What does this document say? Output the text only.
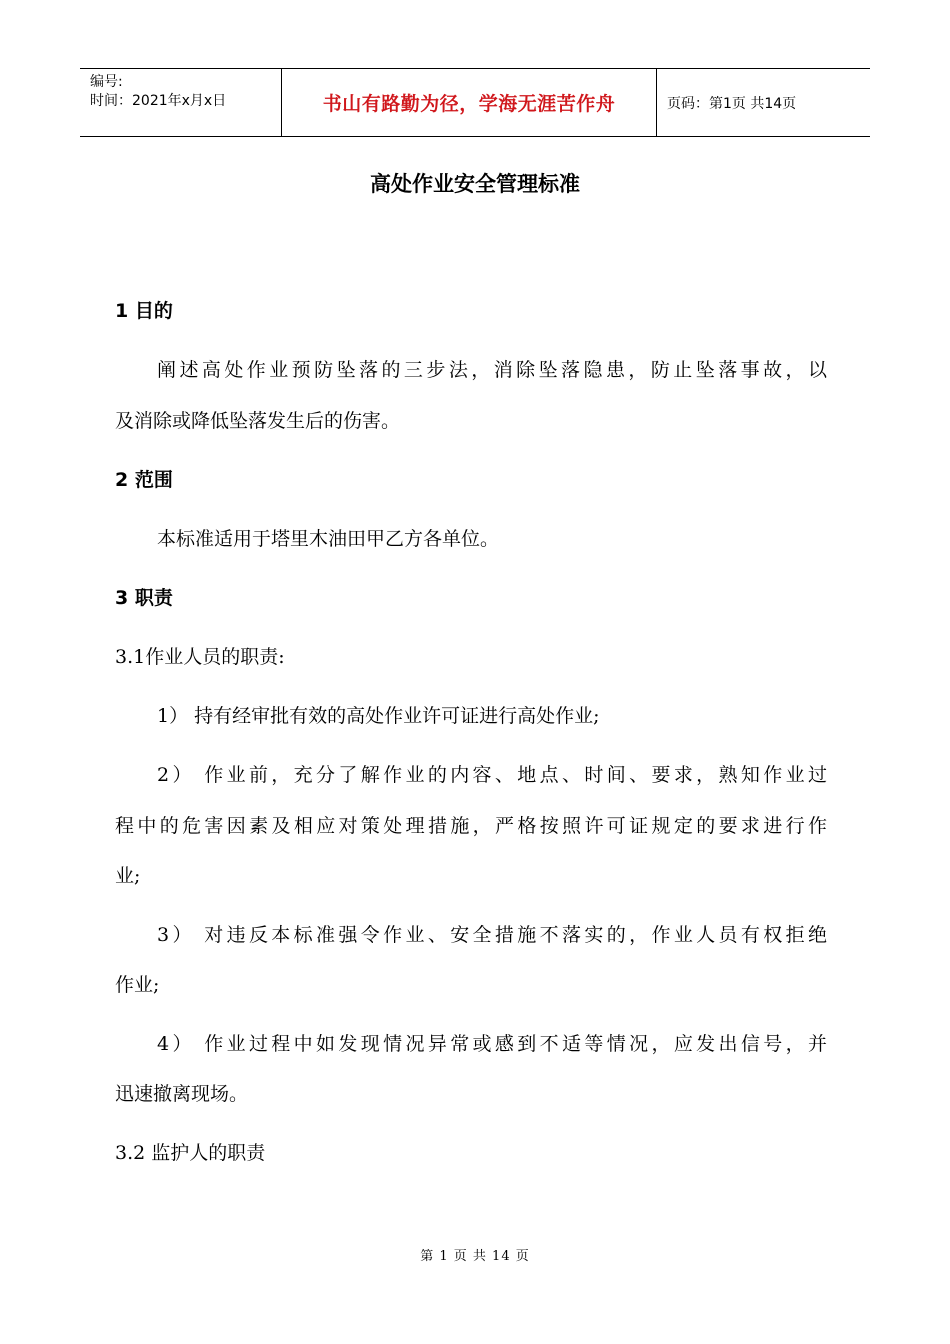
编号:
时间：2021年x月x日	书山有路勤为径，学海无涯苦作舟	页码：第1页 共14页
高处作业安全管理标准
1 目的
阐述高处作业预防坠落的三步法，消除坠落隐患，防止坠落事故，以
及消除或降低坠落发生后的伤害。
2 范围
本标准适用于塔里木油田甲乙方各单位。
3 职责
3.1作业人员的职责:
1） 持有经审批有效的高处作业许可证进行高处作业;
2） 作业前，充分了解作业的内容、地点、时间、要求，熟知作业过
程中的危害因素及相应对策处理措施，严格按照许可证规定的要求进行作
业;
3） 对违反本标准强令作业、安全措施不落实的，作业人员有权拒绝
作业;
4） 作业过程中如发现情况异常或感到不适等情况，应发出信号，并
迅速撤离现场。
3.2 监护人的职责
第 1 页 共 14 页
